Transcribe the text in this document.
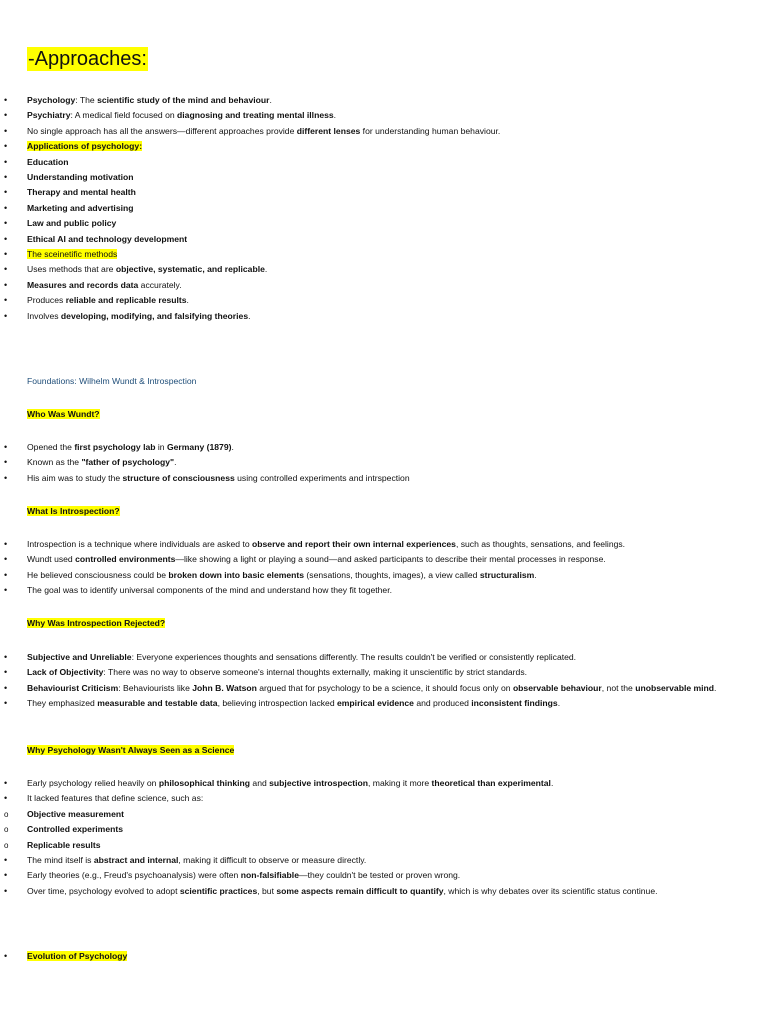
-Approaches:
• Psychology: The scientific study of the mind and behaviour.
• Psychiatry: A medical field focused on diagnosing and treating mental illness.
• No single approach has all the answers—different approaches provide different lenses for understanding human behaviour.
• Applications of psychology:
• Education
• Understanding motivation
• Therapy and mental health
• Marketing and advertising
• Law and public policy
• Ethical AI and technology development
• The sceinetific methods
• Uses methods that are objective, systematic, and replicable.
• Measures and records data accurately.
• Produces reliable and replicable results.
• Involves developing, modifying, and falsifying theories.
Foundations: Wilhelm Wundt & Introspection
Who Was Wundt?
• Opened the first psychology lab in Germany (1879).
• Known as the "father of psychology".
• His aim was to study the structure of consciousness using controlled experiments and intrspection
What Is Introspection?
• Introspection is a technique where individuals are asked to observe and report their own internal experiences, such as thoughts, sensations, and feelings.
• Wundt used controlled environments—like showing a light or playing a sound—and asked participants to describe their mental processes in response.
• He believed consciousness could be broken down into basic elements (sensations, thoughts, images), a view called structuralism.
• The goal was to identify universal components of the mind and understand how they fit together.
Why Was Introspection Rejected?
• Subjective and Unreliable: Everyone experiences thoughts and sensations differently. The results couldn't be verified or consistently replicated.
• Lack of Objectivity: There was no way to observe someone's internal thoughts externally, making it unscientific by strict standards.
• Behaviourist Criticism: Behaviourists like John B. Watson argued that for psychology to be a science, it should focus only on observable behaviour, not the unobservable mind.
• They emphasized measurable and testable data, believing introspection lacked empirical evidence and produced inconsistent findings.
Why Psychology Wasn't Always Seen as a Science
• Early psychology relied heavily on philosophical thinking and subjective introspection, making it more theoretical than experimental.
• It lacked features that define science, such as:
o Objective measurement
o Controlled experiments
o Replicable results
• The mind itself is abstract and internal, making it difficult to observe or measure directly.
• Early theories (e.g., Freud's psychoanalysis) were often non-falsifiable—they couldn't be tested or proven wrong.
• Over time, psychology evolved to adopt scientific practices, but some aspects remain difficult to quantify, which is why debates over its scientific status continue.
• Evolution of Psychology
